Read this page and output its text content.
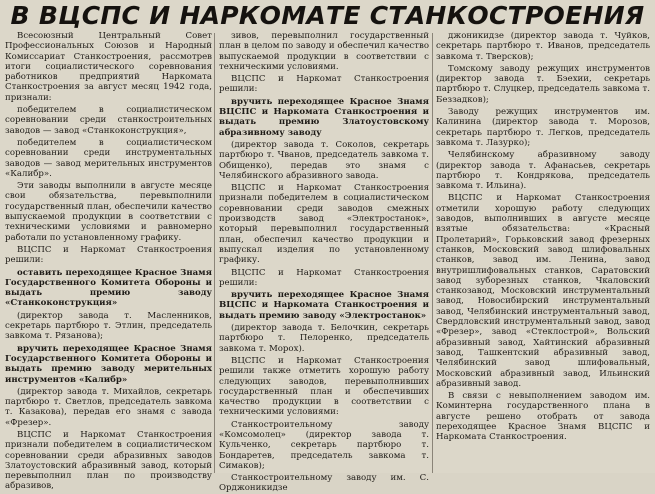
В ВЦСПС И НАРКОМАТЕ СТАНКОСТРОЕНИЯ

Всесоюзный Центральный Совет Профессиональных Союзов и Народный Комиссариат Станкостроения, рассмотрев итоги социалистического соревнования работников предприятий Наркомата Станкостроения за август месяц 1942 года, признали:

победителем в социалистическом соревновании среди станкостроительных заводов — завод «Станкоконструкция»,

победителем в социалистическом соревновании среди инструментальных заводов — завод мерительных инструментов «Калибр».

Эти заводы выполнили в августе месяце свои обязательства, перевыполнили государственный план, обеспечили качество выпускаемой продукции в соответствии с техническими условиями и равномерно работали по установленному графику.

ВЦСПС и Наркомат Станкостроения решили:

оставить переходящее Красное Знамя Государственного Комитета Обороны и выдать премию заводу «Станкоконструкция»

(директор завода т. Масленников, секретарь партбюро т. Этлин, председатель завкома т. Рязанова);

вручить переходящее Красное Знамя Государственного Комитета Обороны и выдать премию заводу мерительных инструментов «Калибр»

(директор завода т. Михайлов, секретарь партбюро т. Светлов, председатель завкома т. Казакова), передав его знамя с завода «Фрезер».

ВЦСПС и Наркомат Станкостроения признали победителем в социалистическом соревновании среди абразивных заводов Златоустовский абразивный завод, который перевыполнил план по производству абразивов,

зивов, перевыполнил государственный план в целом по заводу и обеспечил качество выпускаемой продукции в соответствии с техническими условиями.

ВЦСПС и Наркомат Станкостроения решили:

вручить переходящее Красное Знамя ВЦСПС и Наркомата Станкостроения и выдать премию Златоустовскому абразивному заводу

(директор завода т. Соколов, секретарь партбюро т. Чванов, председатель завкома т. Обищенко), передав это знамя с Челябинского абразивного завода.

ВЦСПС и Наркомат Станкостроения признали победителем в социалистическом соревновании среди заводов смежных производств завод «Электростанок», который перевыполнил государственный план, обеспечил качество продукции и выпускал изделия по установленному графику.

ВЦСПС и Наркомат Станкостроения решили:

вручить переходящее Красное Знамя ВЦСПС и Наркомата Станкостроения и выдать премию заводу «Электростанок»

(директор завода т. Белочкин, секретарь партбюро т. Пелоренко, председатель завкома т. Морох).

ВЦСПС и Наркомат Станкостроения решили также отметить хорошую работу следующих заводов, перевыполнивших государственный план и обеспечивших качество продукции в соответствии с техническими условиями:

Станкостроительному заводу «Комсомолец» (директор завода т. Кульченко, секретарь партбюро т. Бондаретев, председатель завкома т. Симаков);

Станкостроительному заводу им. С. Орджоникидзе

джоникидзе (директор завода т. Чуйков, секретарь партбюро т. Иванов, председатель завкома т. Тверсков);

Томскому заводу режущих инструментов (директор завода т. Бэехии, секретарь партбюро т. Слуцкер, председатель завкома т. Беззадков);

Заводу режущих инструментов им. Калинина (директор завода т. Морозов, секретарь партбюро т. Легков, председатель завкома т. Лазурко);

Челябинскому абразивному заводу (директор завода т. Афанасьев, секретарь партбюро т. Кондрякова, председатель завкома т. Ильина).

ВЦСПС и Наркомат Станкостроения отметили хорошую работу следующих заводов, выполнивших в августе месяце взятые обязательства: «Красный Пролетарий», Горьковский завод фрезерных станков, Московский завод шлифовальных станков, завод им. Ленина, завод внутришлифовальных станков, Саратовский завод зуборезных станков, Чкаловский станкозавод, Московский инструментальный завод, Новосибирский инструментальный завод, Челябинский инструментальный завод, Свердловский инструментальный завод, завод «Фрезер», завод «Стеклострой», Вольский абразивный завод, Хайтинский абразивный завод, Ташкентский абразивный завод, Челябинский завод шлифовальный, Московский абразивный завод, Ильинский абразивный завод.

В связи с невыполнением заводом им. Коминтерна государственного плана в августе решено отобрать от завода переходящее Красное Знамя ВЦСПС и Наркомата Станкостроения.
